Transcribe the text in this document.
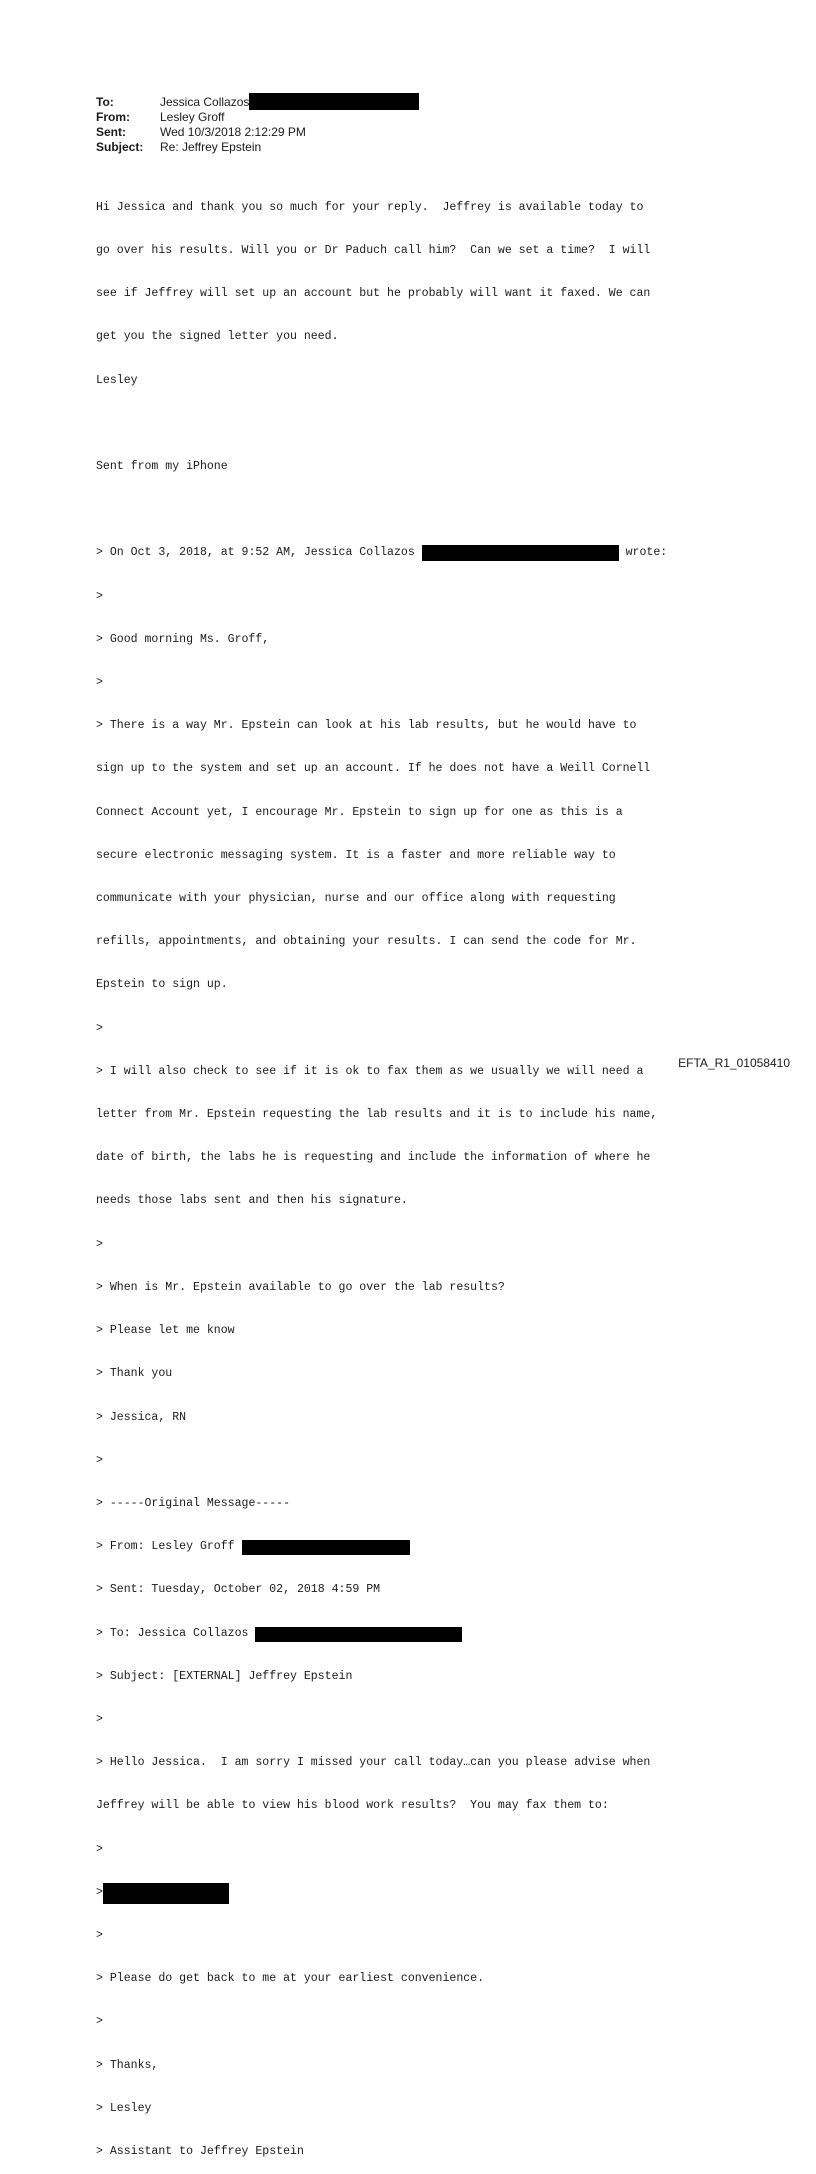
To:	Jessica Collazos
From:	Lesley Groff
Sent:	Wed 10/3/2018 2:12:29 PM
Subject:	Re: Jeffrey Epstein

Hi Jessica and thank you so much for your reply.  Jeffrey is available today to

go over his results. Will you or Dr Paduch call him?  Can we set a time?  I will

see if Jeffrey will set up an account but he probably will want it faxed. We can

get you the signed letter you need.

Lesley

Sent from my iPhone

> On Oct 3, 2018, at 9:52 AM, Jessica Collazos	wrote:

>

> Good morning Ms. Groff,

>

> There is a way Mr. Epstein can look at his lab results, but he would have to

sign up to the system and set up an account. If he does not have a Weill Cornell

Connect Account yet, I encourage Mr. Epstein to sign up for one as this is a

secure electronic messaging system. It is a faster and more reliable way to

communicate with your physician, nurse and our office along with requesting

refills, appointments, and obtaining your results. I can send the code for Mr.

Epstein to sign up.

>

> I will also check to see if it is ok to fax them as we usually we will need a

letter from Mr. Epstein requesting the lab results and it is to include his name,

date of birth, the labs he is requesting and include the information of where he

needs those labs sent and then his signature.

>

> When is Mr. Epstein available to go over the lab results?

> Please let me know

> Thank you

> Jessica, RN

>

> -----Original Message-----

> From: Lesley Groff

> Sent: Tuesday, October 02, 2018 4:59 PM

> To: Jessica Collazos

> Subject: [EXTERNAL] Jeffrey Epstein

>

> Hello Jessica.  I am sorry I missed your call today…can you please advise when

Jeffrey will be able to view his blood work results?  You may fax them to:

>

>

>

> Please do get back to me at your earliest convenience.

>

> Thanks,

> Lesley

> Assistant to Jeffrey Epstein

EFTA_R1_01058410
